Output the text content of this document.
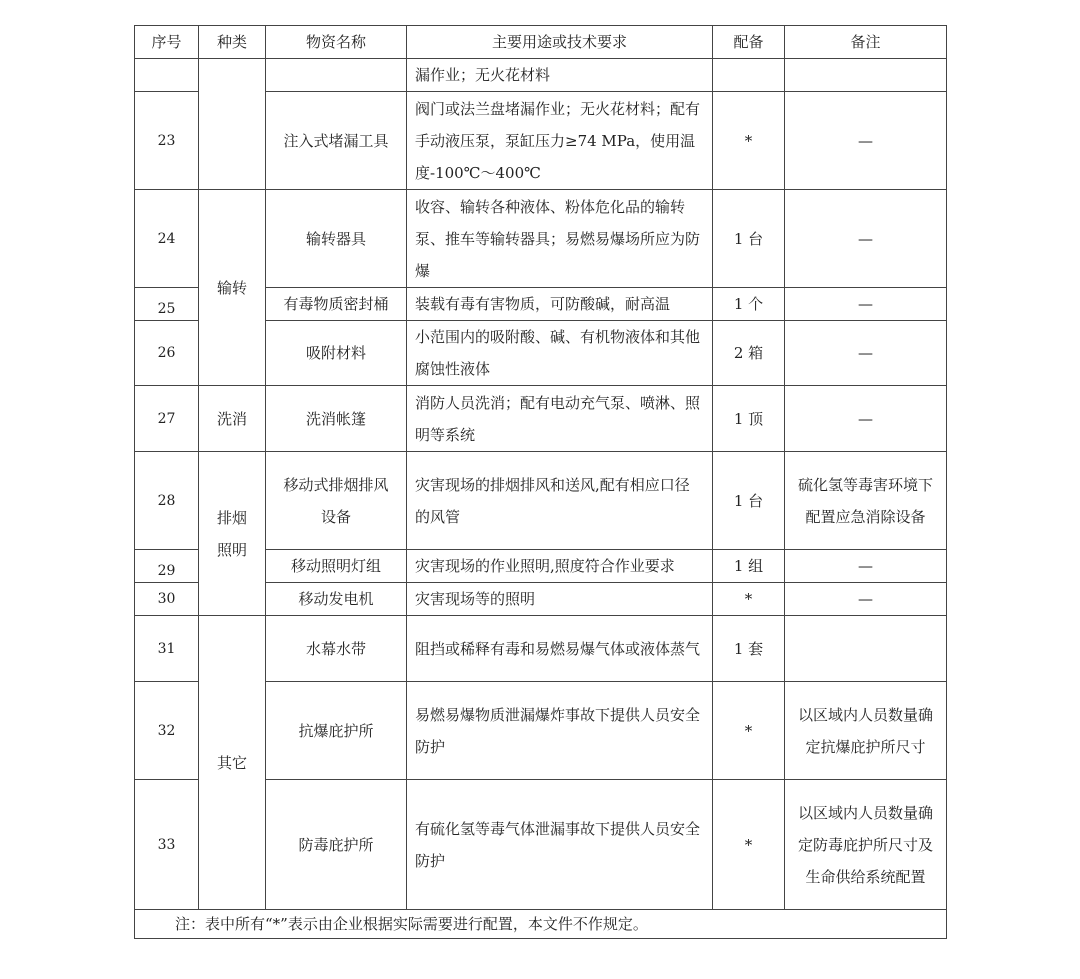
序号	种类	物资名称	主要用途或技术要求	配备	备注
			漏作业；无火花材料		
23		注入式堵漏工具	阀门或法兰盘堵漏作业；无火花材料；配有手动液压泵，泵缸压力≥74 MPa，使用温度-100℃～400℃	*	—
24	输转	输转器具	收容、输转各种液体、粉体危化品的输转泵、推车等输转器具；易燃易爆场所应为防爆	1 台	—
25		有毒物质密封桶	装载有毒有害物质，可防酸碱，耐高温	1 个	—
26		吸附材料	小范围内的吸附酸、碱、有机物液体和其他腐蚀性液体	2 箱	—
27	洗消	洗消帐篷	消防人员洗消；配有电动充气泵、喷淋、照明等系统	1 顶	—
28	排烟照明	移动式排烟排风设备	灾害现场的排烟排风和送风,配有相应口径的风管	1 台	硫化氢等毒害环境下配置应急消除设备
29		移动照明灯组	灾害现场的作业照明,照度符合作业要求	1 组	—
30		移动发电机	灾害现场等的照明	*	—
31	其它	水幕水带	阻挡或稀释有毒和易燃易爆气体或液体蒸气	1 套	
32		抗爆庇护所	易燃易爆物质泄漏爆炸事故下提供人员安全防护	*	以区域内人员数量确定抗爆庇护所尺寸
33		防毒庇护所	有硫化氢等毒气体泄漏事故下提供人员安全防护	*	以区域内人员数量确定防毒庇护所尺寸及生命供给系统配置
注：表中所有“*”表示由企业根据实际需要进行配置，本文件不作规定。					
